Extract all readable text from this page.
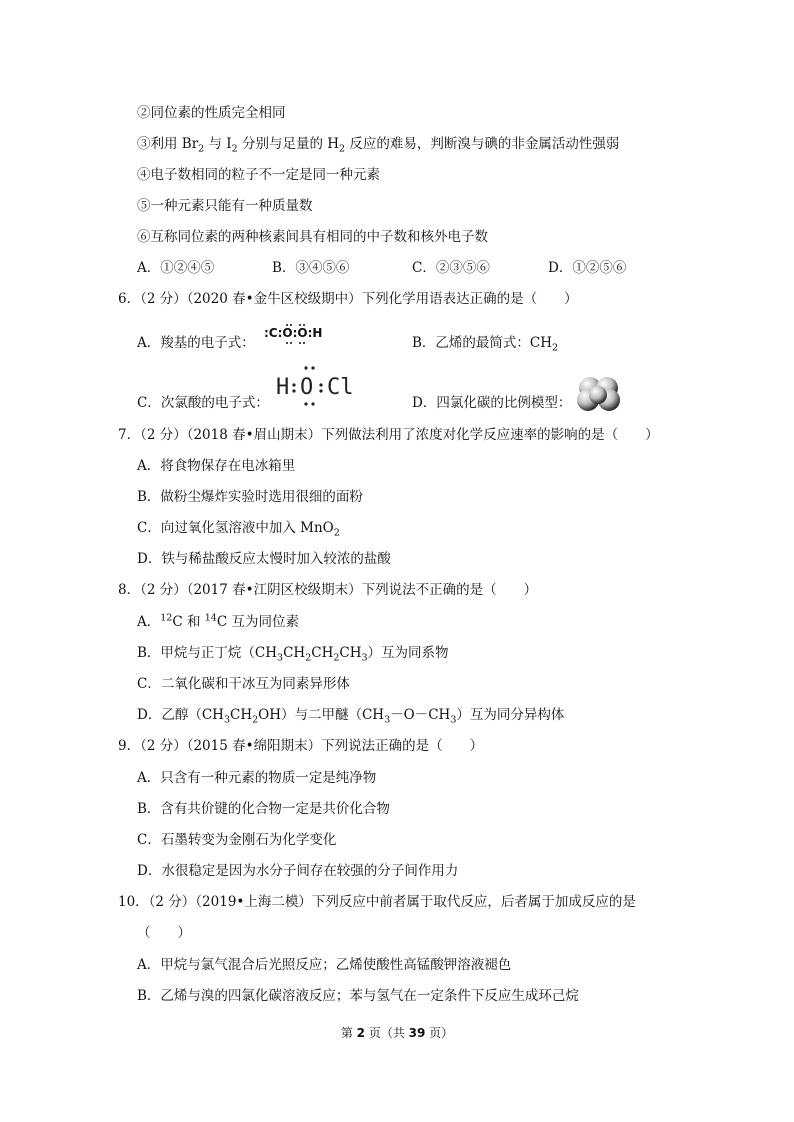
②同位素的性质完全相同
③利用 $Br_2$ 与 $I_2$ 分别与足量的 $H_2$ 反应的难易，判断溴与碘的非金属活动性强弱
④电子数相同的粒子不一定是同一种元素
⑤一种元素只能有一种质量数
⑥互称同位素的两种核素间具有相同的中子数和核外电子数
A．①②④⑤	B．③④⑤⑥	C．②③⑤⑥	D．①②⑤⑥
6．（2 分）（2020 春•金牛区校级期中）下列化学用语表达正确的是（　　）
A．羧基的电子式：
:C:O:O:H
B．乙烯的最简式：$CH_2$
C．次氯酸的电子式：
H O Cl
D．四氯化碳的比例模型：
7．（2 分）（2018 春•眉山期末）下列做法利用了浓度对化学反应速率的影响的是（　　）
A．将食物保存在电冰箱里
B．做粉尘爆炸实验时选用很细的面粉
C．向过氧化氢溶液中加入 MnO$_2$
D．铁与稀盐酸反应太慢时加入较浓的盐酸
8．（2 分）（2017 春•江阴区校级期末）下列说法不正确的是（　　）
A．$^{12}$C 和 $^{14}$C 互为同位素
B．甲烷与正丁烷$(CH_3CH_2CH_2CH_3)$互为同系物
C．二氧化碳和干冰互为同素异形体
D．乙醇$(CH_3CH_2OH)$与二甲醚$(CH_3-O-CH_3)$互为同分异构体
9．（2 分）（2015 春•绵阳期末）下列说法正确的是（　　）
A．只含有一种元素的物质一定是纯净物
B．含有共价键的化合物一定是共价化合物
C．石墨转变为金刚石为化学变化
D．水很稳定是因为水分子间存在较强的分子间作用力
10．（2 分）（2019•上海二模）下列反应中前者属于取代反应，后者属于加成反应的是
（　　）
A．甲烷与氯气混合后光照反应；乙烯使酸性高锰酸钾溶液褪色
B．乙烯与溴的四氯化碳溶液反应；苯与氢气在一定条件下反应生成环己烷
第 2 页（共 39 页）
